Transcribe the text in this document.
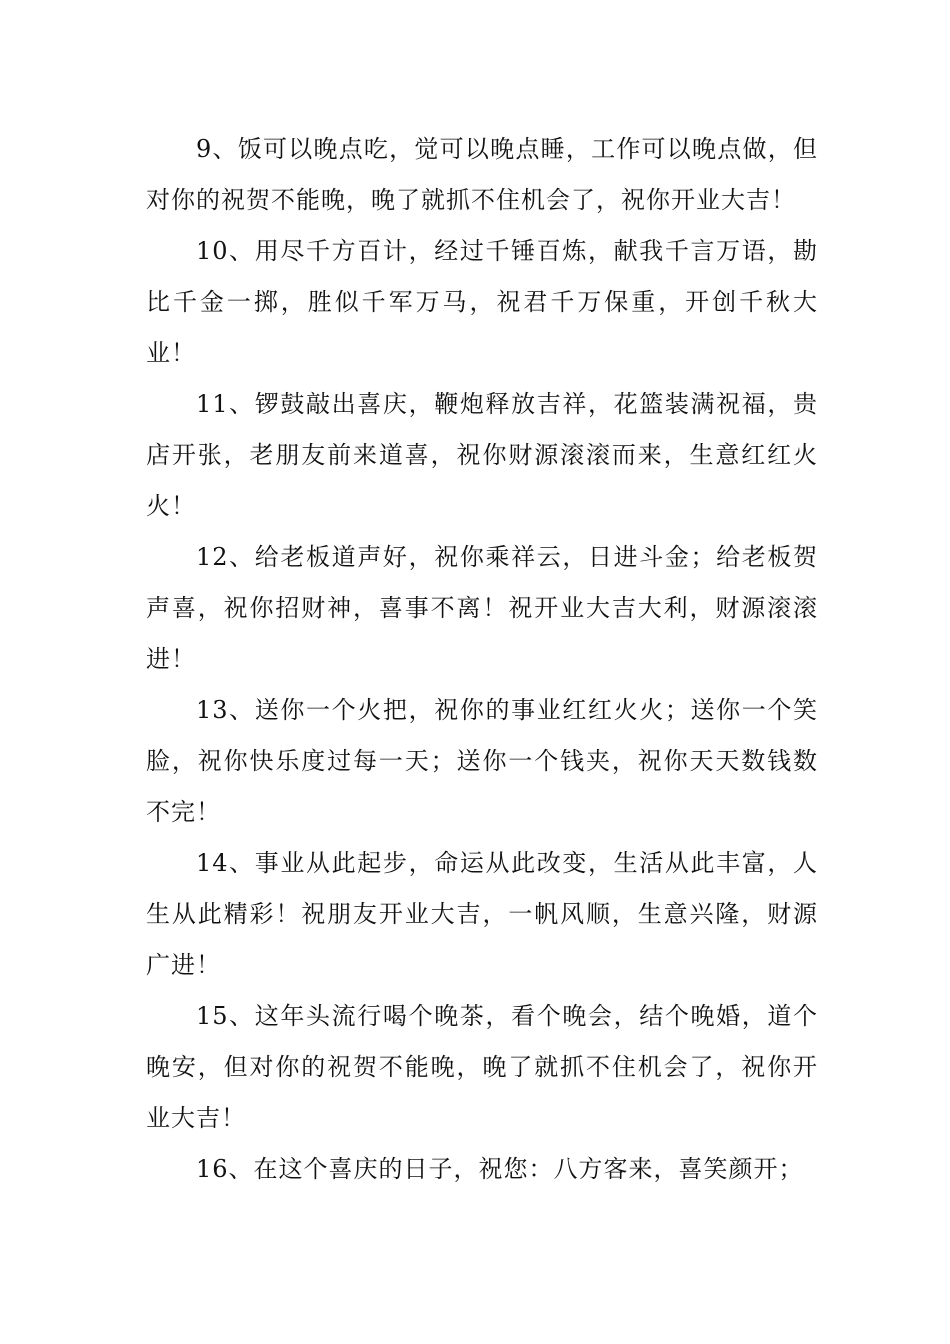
9、饭可以晚点吃，觉可以晚点睡，工作可以晚点做，但对你的祝贺不能晚，晚了就抓不住机会了，祝你开业大吉！

10、用尽千方百计，经过千锤百炼，献我千言万语，勘比千金一掷，胜似千军万马，祝君千万保重，开创千秋大业！

11、锣鼓敲出喜庆，鞭炮释放吉祥，花篮装满祝福，贵店开张，老朋友前来道喜，祝你财源滚滚而来，生意红红火火！

12、给老板道声好，祝你乘祥云，日进斗金；给老板贺声喜，祝你招财神，喜事不离！祝开业大吉大利，财源滚滚进！

13、送你一个火把，祝你的事业红红火火；送你一个笑脸，祝你快乐度过每一天；送你一个钱夹，祝你天天数钱数不完！

14、事业从此起步，命运从此改变，生活从此丰富，人生从此精彩！祝朋友开业大吉，一帆风顺，生意兴隆，财源广进！

15、这年头流行喝个晚茶，看个晚会，结个晚婚，道个晚安，但对你的祝贺不能晚，晚了就抓不住机会了，祝你开业大吉！

16、在这个喜庆的日子，祝您：八方客来，喜笑颜开；
